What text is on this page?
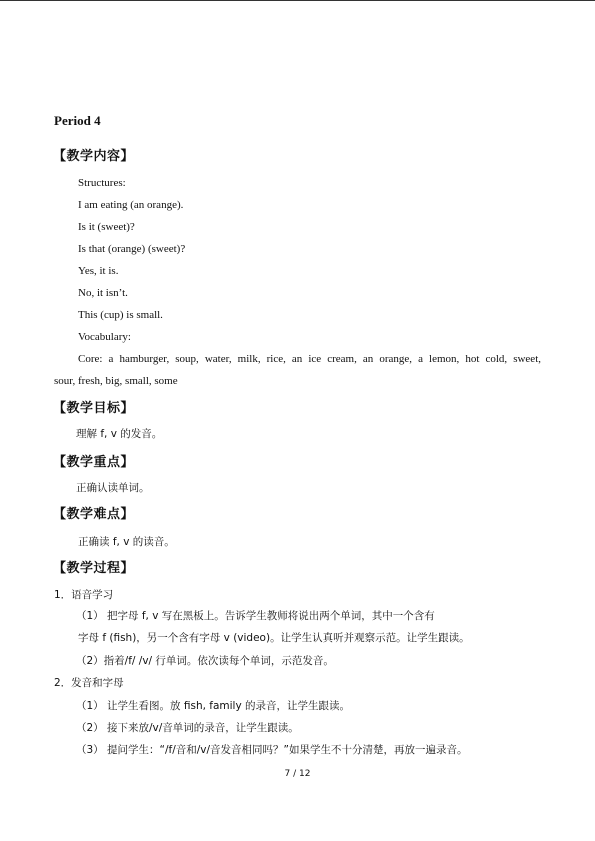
Period 4
【教学内容】
Structures:
I am eating (an orange).
Is it (sweet)?
Is that (orange) (sweet)?
Yes, it is.
No, it isn’t.
This (cup) is small.
Vocabulary:
Core: a hamburger, soup, water, milk, rice, an ice cream, an orange, a lemon, hot cold, sweet,
sour, fresh, big, small, some
【教学目标】
理解 f, v 的发音。
【教学重点】
正确认读单词。
【教学难点】
正确读 f, v 的读音。
【教学过程】
1．语音学习
（1） 把字母 f, v 写在黑板上。告诉学生教师将说出两个单词，其中一个含有
字母 f (fish)，另一个含有字母 v (video)。让学生认真听并观察示范。让学生跟读。
（2）指着/f/ /v/ 行单词。依次读每个单词，示范发音。
2．发音和字母
（1） 让学生看图。放 fish, family 的录音，让学生跟读。
（2） 接下来放/v/音单词的录音，让学生跟读。
（3） 提问学生：“/f/音和/v/音发音相同吗？”如果学生不十分清楚，再放一遍录音。
7 / 12
